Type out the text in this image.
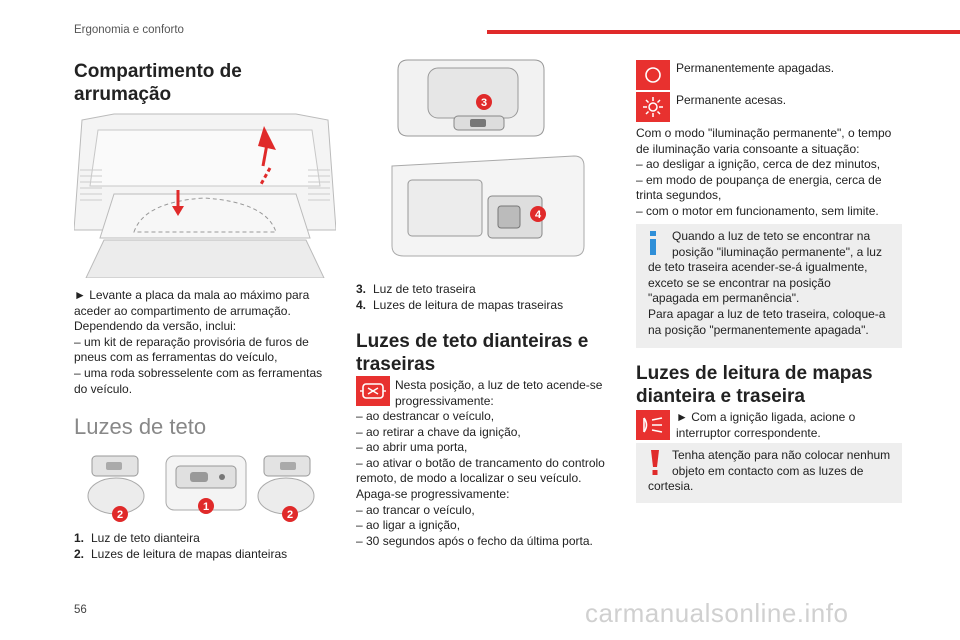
Ergonomia e conforto
Compartimento de arrumação

► Levante a placa da mala ao máximo para

aceder ao compartimento de arrumação.

Dependendo da versão, inclui:

– um kit de reparação provisória de furos de

pneus com as ferramentas do veículo,

– uma roda sobresselente com as ferramentas

do veículo.

Luzes de teto
2
1
2

1. Luz de teto dianteira

2. Luzes de leitura de mapas dianteiras

3
4

3. Luz de teto traseira

4. Luzes de leitura de mapas traseiras

Luzes de teto dianteiras e traseiras

Nesta posição, a luz de teto acende-se

progressivamente:

– ao destrancar o veículo,

– ao retirar a chave da ignição,

– ao abrir uma porta,

– ao ativar o botão de trancamento do controlo

remoto, de modo a localizar o seu veículo.

Apaga-se progressivamente:

– ao trancar o veículo,

– ao ligar a ignição,

– 30 segundos após o fecho da última porta.

Permanentemente apagadas.
Permanente acesas.

Com o modo "iluminação permanente", o tempo

de iluminação varia consoante a situação:

– ao desligar a ignição, cerca de dez minutos,

– em modo de poupança de energia, cerca de

trinta segundos,

– com o motor em funcionamento, sem limite.

Quando a luz de teto se encontrar na

posição "iluminação permanente", a luz

de teto traseira acender-se-á igualmente,

exceto se se encontrar na posição

"apagada em permanência".

Para apagar a luz de teto traseira, coloque-a

na posição "permanentemente apagada".

Luzes de leitura de mapas dianteira e traseira

► Com a ignição ligada, acione o

interruptor correspondente.

Tenha atenção para não colocar nenhum

objeto em contacto com as luzes de

cortesia.

56	carmanualsonline.info
